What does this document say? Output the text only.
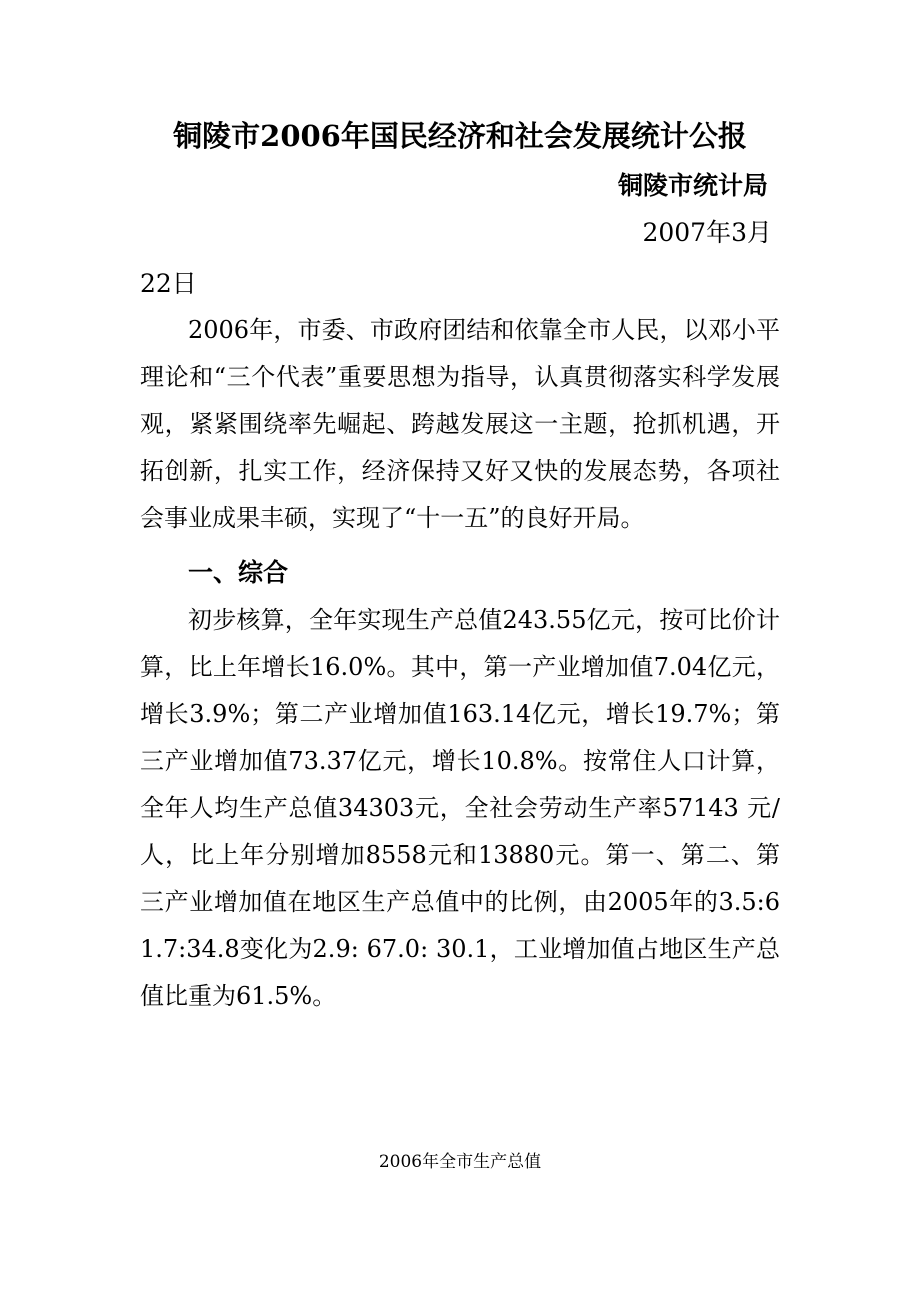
铜陵市2006年国民经济和社会发展统计公报
铜陵市统计局
2007年3月
22日

2006年，市委、市政府团结和依靠全市人民，以邓小平理论和“三个代表”重要思想为指导，认真贯彻落实科学发展观，紧紧围绕率先崛起、跨越发展这一主题，抢抓机遇，开拓创新，扎实工作，经济保持又好又快的发展态势，各项社会事业成果丰硕，实现了“十一五”的良好开局。

一、综合

初步核算，全年实现生产总值243.55亿元，按可比价计算，比上年增长16.0%。其中，第一产业增加值7.04亿元，增长3.9%；第二产业增加值163.14亿元，增长19.7%；第三产业增加值73.37亿元，增长10.8%。按常住人口计算，全年人均生产总值34303元，全社会劳动生产率57143 元/人，比上年分别增加8558元和13880元。第一、第二、第三产业增加值在地区生产总值中的比例，由2005年的3.5:61.7:34.8变化为2.9: 67.0: 30.1，工业增加值占地区生产总值比重为61.5%。

2006年全市生产总值
